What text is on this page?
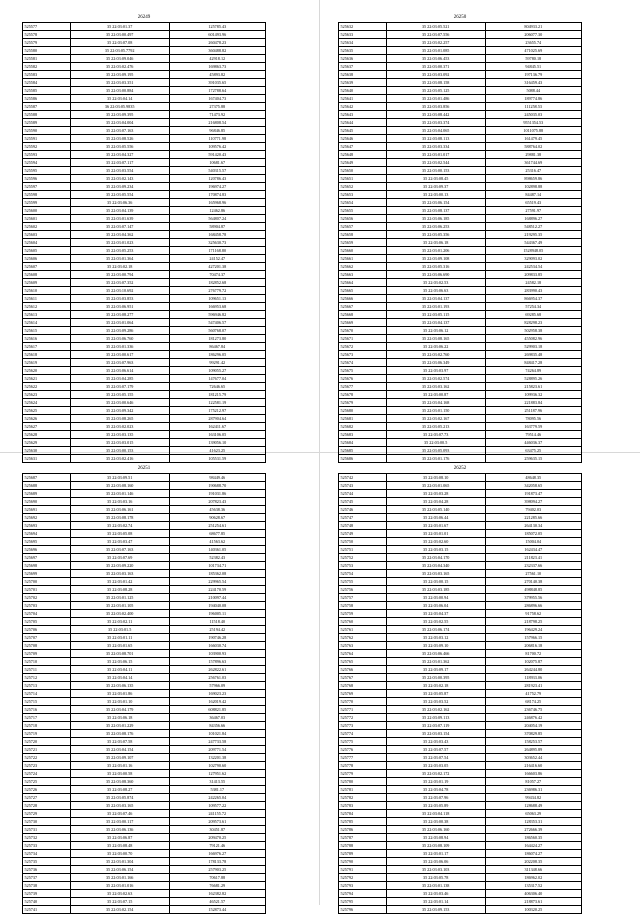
26249
525577	35 22:03:01.37	125785.43
525578	35 22:03:00.497	601493.96
525579	35 22:03:07.08	260478.23
525580	35 22:03:05.7792	360488.82
525581	35 22:03:09.046	42918.12
525582	35 22:03:02.476	169863.73
525583	35 22:03:09.195	45893.82
525584	35 22:03:03.351	391035.65
525585	35 22:03:00.884	172788.64
525586	35 22:03:04.14	167404.73
525587	36 22:03:05.9835	27375.88
525588	35 22:03:09.395	71473.92
525589	35 22:03:04.004	216808.54
525590	35 22:03:07.163	96846.85
525591	35 22:03:08.526	110771.98
525592	35 22:03:05.556	109576.42
525593	35 22:03:04.327	591420.43
525594	35 22:03:07.117	10681.67
525595	35 22:03:03.554	540315.57
525596	35 22:03:02.143	120786.43
525597	35 22:03:09.234	196974.27
525598	35 22:03:05.554	170874.83
525599	35 22:03:06.36	165968.96
525600	35 22:03:04.139	12462.86
525601	35 22:03:01.639	564807.24
525602	35 22:03:07.147	58904.87
525603	35 22:03:04.362	168458.78
525604	35 22:03:01.023	325630.73
525605	35 22:03:05.253	171168.80
525606	35 22:03:01.364	24152.47
525607	35 22:03:02.18	427201.38
525608	35 22:03:00.794	70474.37
525609	35 22:03:07.352	182852.68
525610	35 22:03:10.692	276779.72
525611	35 22:03:03.853	109651.13
525612	35 22:03:06.951	166953.68
525613	35 22:03:08.277	596946.82
525614	35 22:03:01.064	547406.57
525615	35 22:03:09.286	560768.07
525616	35 22:03:06.760	181273.80
525617	35 22:03:01.336	86467.84
525618	35 22:03:00.617	186296.05
525619	35 22:03:07.963	99291.42
525620	35 22:03:06.614	109055.27
525621	35 22:03:04.285	147677.04
525622	35 22:03:07.179	72646.65
525623	35 22:03:05.155	181215.79
525624	35 22:03:00.646	122581.19
525625	35 22:03:09.342	175212.97
525626	35 22:03:08.265	287904.64
525627	35 22:03:02.023	162411.67
525628	35 22:03:03.135	163106.05
525629	35 22:03:03.015	139056.10
525630	35 22:03:00.153	41623.25
525631	35 22:03:02.416	105531.59
26250
525632	35 22:03:05.521	804933.21
525633	35 22:03:07.556	206077.30
525634	35 22:03:02.257	23655.74
525635	35 22:03:01.085	471025.69
525636	35 22:03:06.453	59780.18
525637	35 22:03:00.371	94845.51
525638	35 22:03:03.092	197136.79
525639	35 22:03:08.158	316459.43
525640	35 22:03:05.125	5088.44
525641	35 22:03:01.486	189774.86
525642	35 22:03:03.856	111258.53
525643	35 22:03:08.442	245035.03
525644	35 22:03:03.374	9551354.53
525645	35 22:03:04.065	1011075.88
525646	35 22:03:08.113	161479.45
525647	35 22:03:03.334	588764.02
525648	35 22:03:01.017	29881.38
525649	35 22:03:02.544	361744.69
525650	35 22:03:00.153	25316.47
525651	35 22:03:08.45	898659.86
525652	35 22:03:09.37	102898.88
525653	35 22:03:00.13	84487.14
525654	35 22:03:06.154	65519.43
525655	35 22:03:08.137	27591.97
525656	35 22:03:06.185	168896.27
525657	35 22:03:06.253	548512.27
525658	35 22:03:05.356	219295.35
525659	35 22:03:06.18	544367.49
525660	35 22:03:01.206	1528948.05
525661	35 22:03:09.108	329093.02
525662	35 22:03:05.316	242534.54
525663	35 22:03:06.690	209833.85
525664	35 22:03:02.53	24582.18
525665	35 22:03:06.63	283990.43
525666	35 22:03:04.137	866954.37
525667	35 22:03:01.193	57254.34
525668	35 22:03:05.115	69285.68
525669	35 22:03:04.137	828298.23
525670	35 22:03:06.12	502958.38
525671	35 22:03:08.165	455082.96
525672	35 22:03:06.22	529903.18
525673	35 22:03:02.760	269835.48
525674	35 22:03:06.349	848417.28
525675	35 22:03:03.97	74264.89
525676	35 22:03:02.574	528895.26
525677	35 22:03:03.162	215823.61
525678	35 22:03:00.87	109936.32
525679	35 22:03:04.168	221883.84
525680	35 22:03:01.150	251187.96
525681	35 22:03:02.167	78095.56
525682	35 22:03:05.213	163779.59
525683	35 22:03:07.73	79514.46
525684	35 22:03:00.5	446036.37
525685	35 22:03:05.093	63475.25
525686	35 22:03:01.176	259635.15
26251
525687	35 22:03:09.51	98449.46
525688	35 22:03:08.160	190688.70
525689	35 22:03:01.146	191031.86
525690	35 22:03:03.16	207823.43
525691	35 22:03:06.161	45638.36
525692	35 22:03:08.178	90628.67
525693	35 22:03:02.74	251254.61
525694	35 22:03:05.08	68677.85
525695	35 22:03:03.47	41563.62
525696	35 22:03:07.163	140361.05
525697	35 22:03:07.69	52382.43
525698	35 22:03:09.220	101734.71
525699	35 22:03:03.163	185362.08
525700	35 22:03:01.42	229965.54
525701	35 22:03:08.28	224170.59
525702	35 22:03:01.125	210097.44
525703	35 22:03:01.105	194040.08
525704	35 22:03:02.400	196005.11
525705	35 22:03:02.11	11518.40
525706	35 22:03:01.5	25194.42
525707	35 22:03:01.11	190746.28
525708	35 22:03:01.65	166030.74
525709	35 22:03:08.701	103900.93
525710	35 22:03:06.15	157896.63
525711	35 22:03:04.11	262822.61
525712	35 22:03:04.14	256761.03
525713	35 22:03:06.135	57966.09
525714	35 22:03:01.86	169023.23
525715	35 22:03:01.10	162019.42
525716	35 22:03:04.179	608821.85
525717	35 22:03:06.18	36467.03
525718	35 22:03:01.229	84356.66
525719	35 22:03:08.176	101021.84
525720	35 22:03:07.58	247733.58
525721	35 22:03:04.154	209771.54
525722	35 22:03:09.107	132201.38
525723	35 22:03:01.16	102790.60
525724	35 22:03:00.58	127951.62
525725	35 22:03:08.360	31413.55
525726	35 22:03:08.27	5381.17
525727	35 22:03:05.874	242265.04
525728	35 22:03:03.165	109577.22
525729	35 22:03:07.46	241155.72
525730	35 22:03:00.117	209573.61
525731	35 22:03:06.136	30451.87
525732	35 22:03:06.87	209470.25
525733	35 22:03:08.48	79121.46
525734	35 22:03:00.70	166976.27
525735	35 22:03:01.304	178133.78
525736	35 22:03:06.154	257903.25
525737	35 22:03:01.166	70617.88
525738	35 22:03:01.016	76681.29
525739	35 22:03:02.63	162382.82
525740	35 22:03:07.15	46521.57
525741	35 22:03:02.154	152873.44
26252
525742	35 22:03:08.10	48648.35
525743	35 22:03:01.065	342058.65
525744	35 22:03:03.28	191873.47
525745	35 22:03:04.28	398094.27
525746	35 22:03:05.140	79402.03
525747	35 22:03:06.44	221285.66
525748	35 22:03:01.67	264130.34
525749	35 22:03:01.01	185072.05
525750	35 22:03:02.60	15004.04
525751	35 22:03:03.15	162434.47
525752	35 22:03:04.170	211823.41
525753	35 22:03:04.340	232337.66
525754	35 22:03:03.165	27561.10
525755	35 22:03:00.15	270140.38
525756	35 22:03:03.185	498848.85
525757	35 22:03:00.94	379955.56
525758	35 22:03:06.04	286896.66
525759	35 22:03:04.37	91758.62
525760	35 22:03:02.55	218798.25
525761	35 22:03:06.174	196429.24
525762	35 22:03:03.12	157966.15
525763	35 22:03:09.10	206816.18
525764	35 22:03:06.466	81700.72
525765	35 22:03:01.362	102075.87
525766	35 22:03:09.17	264244.80
525767	35 22:03:00.395	118933.06
525768	35 22:03:02.18	281923.41
525769	35 22:03:05.87	41752.79
525770	35 22:03:03.52	68174.25
525771	35 22:03:02.162	236746.75
525772	35 22:03:09.113	246876.42
525773	35 22:03:07.119	204054.19
525774	35 22:03:03.154	370829.85
525775	35 22:03:03.43	158253.57
525776	35 22:03:07.57	264895.89
525777	35 22:03:07.54	303652.44
525778	35 22:03:03.05	216416.60
525779	35 22:03:02.172	166603.86
525780	35 22:03:01.19	81057.27
525781	35 22:03:04.78	236986.31
525782	35 22:03:07.96	99434.82
525783	35 22:03:05.89	128688.49
525784	35 22:03:04.118	65063.29
525785	35 22:03:00.38	128353.31
525786	35 22:03:06.160	272666.39
525787	35 22:03:08.94	186560.35
525788	35 22:03:08.109	164424.27
525789	35 22:03:01.17	186074.27
525790	35 22:03:06.06	202208.35
525791	35 22:03:03.103	311348.66
525792	35 22:03:05.78	186962.02
525793	35 22:03:01.138	135317.52
525794	35 22:03:03.46	406306.40
525795	35 22:03:01.14	218873.61
525796	35 22:03:09.153	100320.25
